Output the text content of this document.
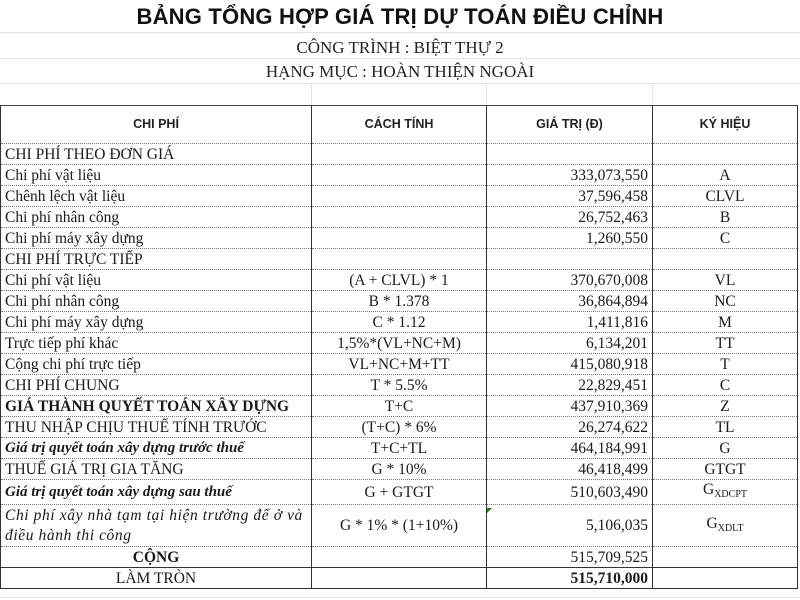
BẢNG TỔNG HỢP GIÁ TRỊ DỰ TOÁN ĐIỀU CHỈNH
CÔNG TRÌNH : BIỆT THỰ 2
HẠNG MỤC : HOÀN THIỆN NGOÀI
CHI PHÍ	CÁCH TÍNH	GIÁ TRỊ (Đ)	KÝ HIỆU
CHI PHÍ THEO ĐƠN GIÁ			
Chi phí vật liệu		333,073,550	A
Chênh lệch vật liệu		37,596,458	CLVL
Chi phí nhân công		26,752,463	B
Chi phí máy xây dựng		1,260,550	C
CHI PHÍ TRỰC TIẾP			
Chi phí vật liệu	(A + CLVL) * 1	370,670,008	VL
Chi phí nhân công	B * 1.378	36,864,894	NC
Chi phí máy xây dựng	C * 1.12	1,411,816	M
Trực tiếp phí khác	1,5%*(VL+NC+M)	6,134,201	TT
Cộng chi phí trực tiếp	VL+NC+M+TT	415,080,918	T
CHI PHÍ CHUNG	T * 5.5%	22,829,451	C
GIÁ THÀNH QUYẾT TOÁN XÂY DỰNG	T+C	437,910,369	Z
THU NHẬP CHỊU THUẾ TÍNH TRƯỚC	(T+C) * 6%	26,274,622	TL
Giá trị quyết toán xây dựng trước thuế	T+C+TL	464,184,991	G
THUẾ GIÁ TRỊ GIA TĂNG	G * 10%	46,418,499	GTGT
Giá trị quyết toán xây dựng sau thuế	G + GTGT	510,603,490	$G_{XDCPT}$
Chi phí xây nhà tạm tại hiện trường để ở và điều hành thi công	G * 1% * (1+10%)	5,106,035	$G_{XDLT}$
CỘNG		515,709,525	
LÀM TRÒN		515,710,000	
